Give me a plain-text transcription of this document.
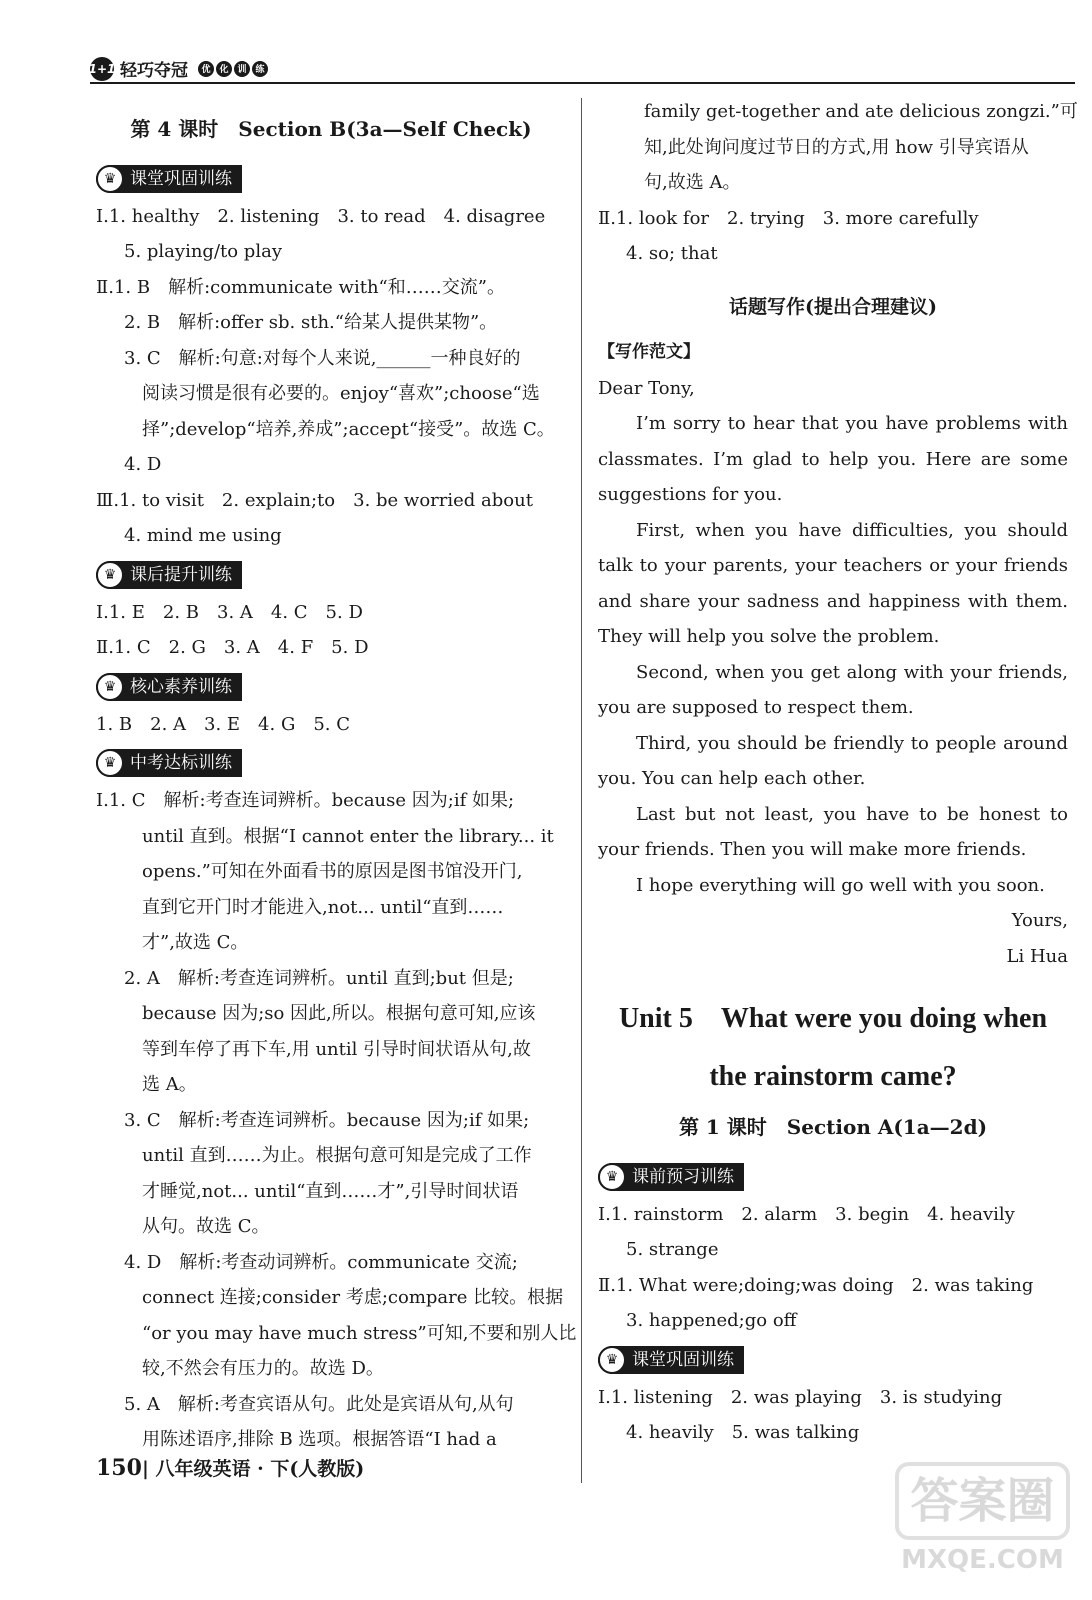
1+1 轻巧夺冠	优 化 训 练
第 4 课时　Section B(3a—Self Check)
♛ 课堂巩固训练
Ⅰ.1. healthy　2. listening　3. to read　4. disagree
5. playing/to play
Ⅱ.1. B　解析:communicate with“和……交流”。
2. B　解析:offer sb. sth.“给某人提供某物”。
3. C　解析:句意:对每个人来说,______一种良好的
阅读习惯是很有必要的。enjoy“喜欢”;choose“选
择”;develop“培养,养成”;accept“接受”。故选 C。
4. D
Ⅲ.1. to visit　2. explain;to　3. be worried about
4. mind me using
♛ 课后提升训练
Ⅰ.1. E　2. B　3. A　4. C　5. D
Ⅱ.1. C　2. G　3. A　4. F　5. D
♛ 核心素养训练
1. B　2. A　3. E　4. G　5. C
♛ 中考达标训练
Ⅰ.1. C　解析:考查连词辨析。because 因为;if 如果;
until 直到。根据“I cannot enter the library... it
opens.”可知在外面看书的原因是图书馆没开门,
直到它开门时才能进入,not... until“直到……
才”,故选 C。
2. A　解析:考查连词辨析。until 直到;but 但是;
because 因为;so 因此,所以。根据句意可知,应该
等到车停了再下车,用 until 引导时间状语从句,故
选 A。
3. C　解析:考查连词辨析。because 因为;if 如果;
until 直到……为止。根据句意可知是完成了工作
才睡觉,not... until“直到……才”,引导时间状语
从句。故选 C。
4. D　解析:考查动词辨析。communicate 交流;
connect 连接;consider 考虑;compare 比较。根据
“or you may have much stress”可知,不要和别人比
较,不然会有压力的。故选 D。
5. A　解析:考查宾语从句。此处是宾语从句,从句
用陈述语序,排除 B 选项。根据答语“I had a
family get-together and ate delicious zongzi.”可
知,此处询问度过节日的方式,用 how 引导宾语从
句,故选 A。
Ⅱ.1. look for　2. trying　3. more carefully
4. so; that
话题写作(提出合理建议)
【写作范文】
Dear Tony,
I’m sorry to hear that you have problems with classmates. I’m glad to help you. Here are some suggestions for you.
First, when you have difficulties, you should talk to your parents, your teachers or your friends and share your sadness and happiness with them. They will help you solve the problem.
Second, when you get along with your friends, you are supposed to respect them.
Third, you should be friendly to people around you. You can help each other.
Last but not least, you have to be honest to your friends. Then you will make more friends.
I hope everything will go well with you soon.
Yours,
Li Hua
Unit 5　What were you doing when
the rainstorm came?
第 1 课时　Section A(1a—2d)
♛ 课前预习训练
Ⅰ.1. rainstorm　2. alarm　3. begin　4. heavily
5. strange
Ⅱ.1. What were;doing;was doing　2. was taking
3. happened;go off
♛ 课堂巩固训练
Ⅰ.1. listening　2. was playing　3. is studying
4. heavily　5. was talking
150| 八年级英语 · 下(人教版)
答案圈
MXQE.COM
